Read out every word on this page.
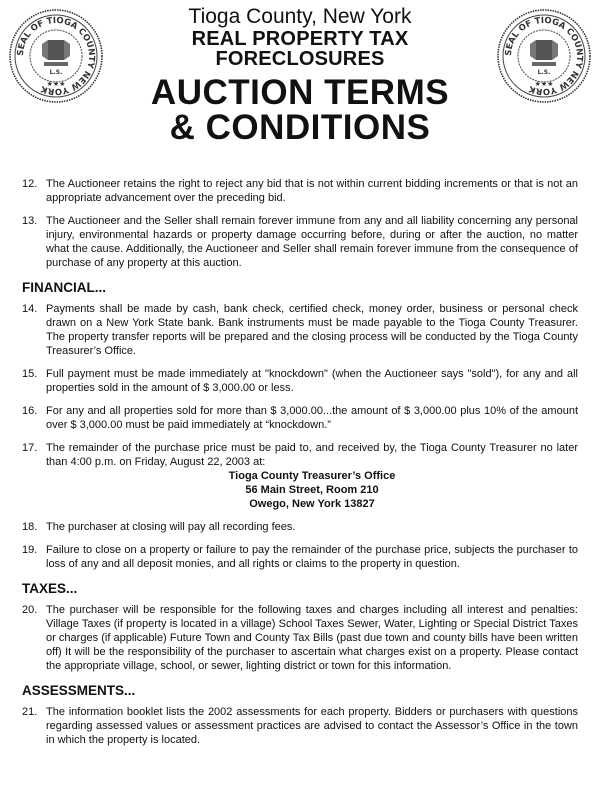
SEAL OF TIOGA COUNTY NEW YORK
L.S.
★★★
SEAL OF TIOGA COUNTY NEW YORK
L.S.
★★★
Tioga County, New York
REAL PROPERTY TAX
FORECLOSURES
AUCTION TERMS
& CONDITIONS
12. The Auctioneer retains the right to reject any bid that is not within current bidding increments or that is not an appropriate advancement over the preceding bid.
13. The Auctioneer and the Seller shall remain forever immune from any and all liability concerning any personal injury, environmental hazards or property damage occurring before, during or after the auction, no matter what the cause. Additionally, the Auctioneer and Seller shall remain forever immune from the consequence of purchase of any property at this auction.
FINANCIAL...
14. Payments shall be made by cash, bank check, certified check, money order, business or personal check drawn on a New York State bank. Bank instruments must be made payable to the Tioga County Treasurer. The property transfer reports will be prepared and the closing process will be conducted by the Tioga County Treasurer’s Office.
15. Full payment must be made immediately at "knockdown" (when the Auctioneer says "sold"), for any and all properties sold in the amount of $ 3,000.00 or less.
16. For any and all properties sold for more than $ 3,000.00...the amount of $ 3,000.00 plus 10% of the amount over $ 3,000.00 must be paid immediately at “knockdown.”
17. The remainder of the purchase price must be paid to, and received by, the Tioga County Treasurer no later than 4:00 p.m. on Friday, August 22, 2003 at:
Tioga County Treasurer’s Office
56 Main Street, Room 210
Owego, New York 13827
18. The purchaser at closing will pay all recording fees.
19. Failure to close on a property or failure to pay the remainder of the purchase price, subjects the purchaser to loss of any and all deposit monies, and all rights or claims to the property in question.
TAXES...
20. The purchaser will be responsible for the following taxes and charges including all interest and penalties: Village Taxes (if property is located in a village) School Taxes Sewer, Water, Lighting or Special District Taxes or charges (if applicable) Future Town and County Tax Bills (past due town and county bills have been written off) It will be the responsibility of the purchaser to ascertain what charges exist on a property. Please contact the appropriate village, school, or sewer, lighting district or town for this information.
ASSESSMENTS...
21. The information booklet lists the 2002 assessments for each property. Bidders or purchasers with questions regarding assessed values or assessment practices are advised to contact the Assessor’s Office in the town in which the property is located.
